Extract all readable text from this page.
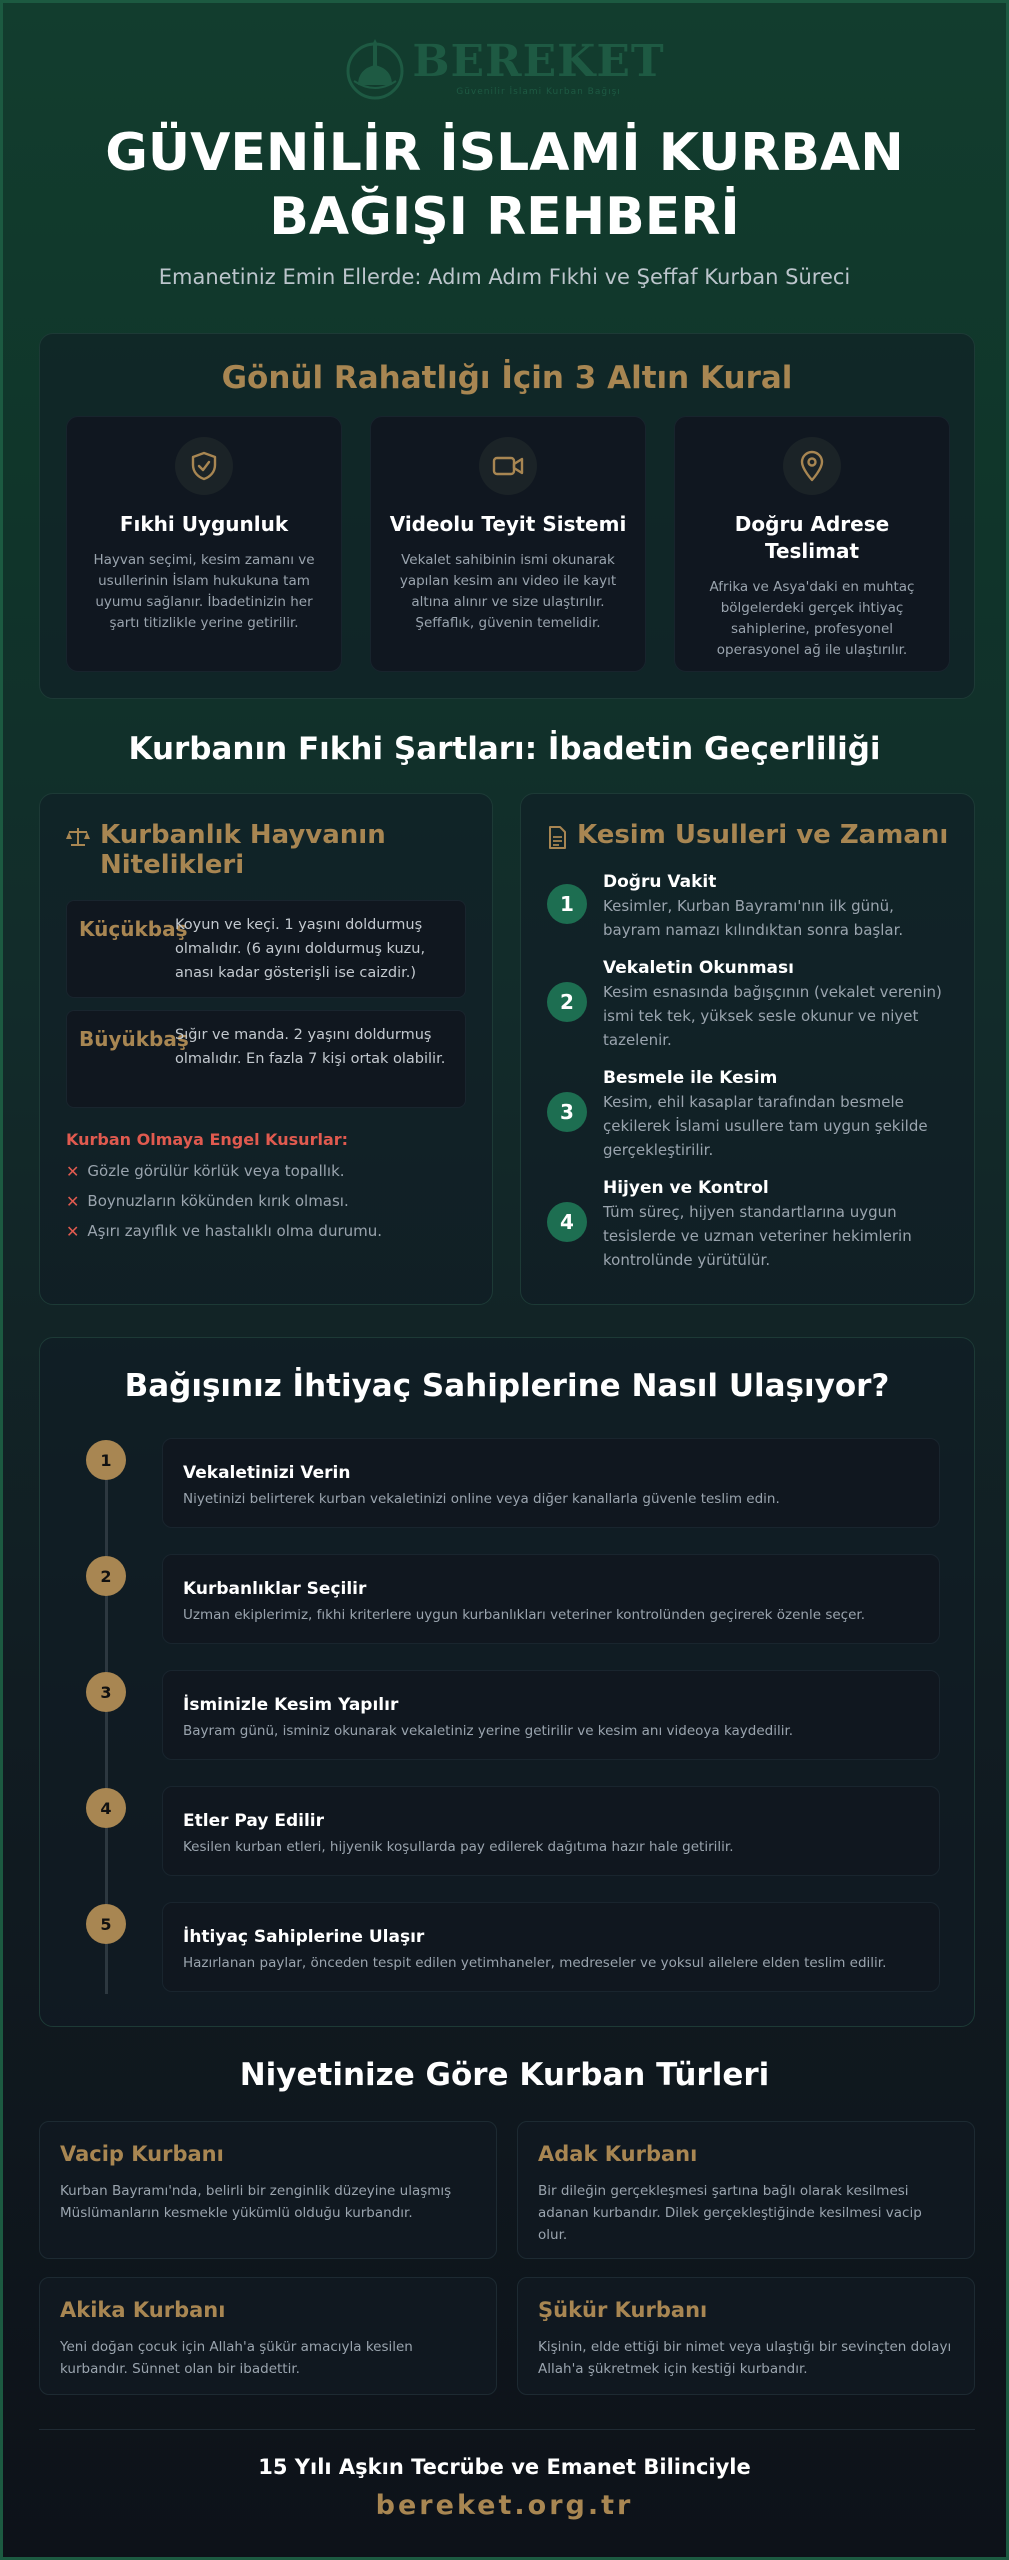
BEREKET
Güvenilir İslami Kurban Bağışı
GÜVENİLİR İSLAMİ KURBAN
BAĞIŞI REHBERİ
Emanetiniz Emin Ellerde: Adım Adım Fıkhi ve Şeffaf Kurban Süreci
Gönül Rahatlığı İçin 3 Altın Kural
Fıkhi Uygunluk
Hayvan seçimi, kesim zamanı ve usullerinin İslam hukukuna tam uyumu sağlanır. İbadetinizin her şartı titizlikle yerine getirilir.
Videolu Teyit Sistemi
Vekalet sahibinin ismi okunarak yapılan kesim anı video ile kayıt altına alınır ve size ulaştırılır. Şeffaflık, güvenin temelidir.
Doğru Adrese Teslimat
Afrika ve Asya'daki en muhtaç bölgelerdeki gerçek ihtiyaç sahiplerine, profesyonel operasyonel ağ ile ulaştırılır.
Kurbanın Fıkhi Şartları: İbadetin Geçerliliği
Kurbanlık Hayvanın Nitelikleri
Küçükbaş
Koyun ve keçi. 1 yaşını doldurmuş olmalıdır. (6 ayını doldurmuş kuzu, anası kadar gösterişli ise caizdir.)
Büyükbaş
Sığır ve manda. 2 yaşını doldurmuş olmalıdır. En fazla 7 kişi ortak olabilir.
Kurban Olmaya Engel Kusurlar:
✕ Gözle görülür körlük veya topallık.
✕ Boynuzların kökünden kırık olması.
✕ Aşırı zayıflık ve hastalıklı olma durumu.
Kesim Usulleri ve Zamanı
1
Doğru Vakit
Kesimler, Kurban Bayramı'nın ilk günü, bayram namazı kılındıktan sonra başlar.
2
Vekaletin Okunması
Kesim esnasında bağışçının (vekalet verenin) ismi tek tek, yüksek sesle okunur ve niyet tazelenir.
3
Besmele ile Kesim
Kesim, ehil kasaplar tarafından besmele çekilerek İslami usullere tam uygun şekilde gerçekleştirilir.
4
Hijyen ve Kontrol
Tüm süreç, hijyen standartlarına uygun tesislerde ve uzman veteriner hekimlerin kontrolünde yürütülür.
Bağışınız İhtiyaç Sahiplerine Nasıl Ulaşıyor?
1
Vekaletinizi Verin
Niyetinizi belirterek kurban vekaletinizi online veya diğer kanallarla güvenle teslim edin.
2
Kurbanlıklar Seçilir
Uzman ekiplerimiz, fıkhi kriterlere uygun kurbanlıkları veteriner kontrolünden geçirerek özenle seçer.
3
İsminizle Kesim Yapılır
Bayram günü, isminiz okunarak vekaletiniz yerine getirilir ve kesim anı videoya kaydedilir.
4
Etler Pay Edilir
Kesilen kurban etleri, hijyenik koşullarda pay edilerek dağıtıma hazır hale getirilir.
5
İhtiyaç Sahiplerine Ulaşır
Hazırlanan paylar, önceden tespit edilen yetimhaneler, medreseler ve yoksul ailelere elden teslim edilir.
Niyetinize Göre Kurban Türleri
Vacip Kurbanı
Kurban Bayramı'nda, belirli bir zenginlik düzeyine ulaşmış Müslümanların kesmekle yükümlü olduğu kurbandır.
Adak Kurbanı
Bir dileğin gerçekleşmesi şartına bağlı olarak kesilmesi adanan kurbandır. Dilek gerçekleştiğinde kesilmesi vacip olur.
Akika Kurbanı
Yeni doğan çocuk için Allah'a şükür amacıyla kesilen kurbandır. Sünnet olan bir ibadettir.
Şükür Kurbanı
Kişinin, elde ettiği bir nimet veya ulaştığı bir sevinçten dolayı Allah'a şükretmek için kestiği kurbandır.
15 Yılı Aşkın Tecrübe ve Emanet Bilinciyle
bereket.org.tr
